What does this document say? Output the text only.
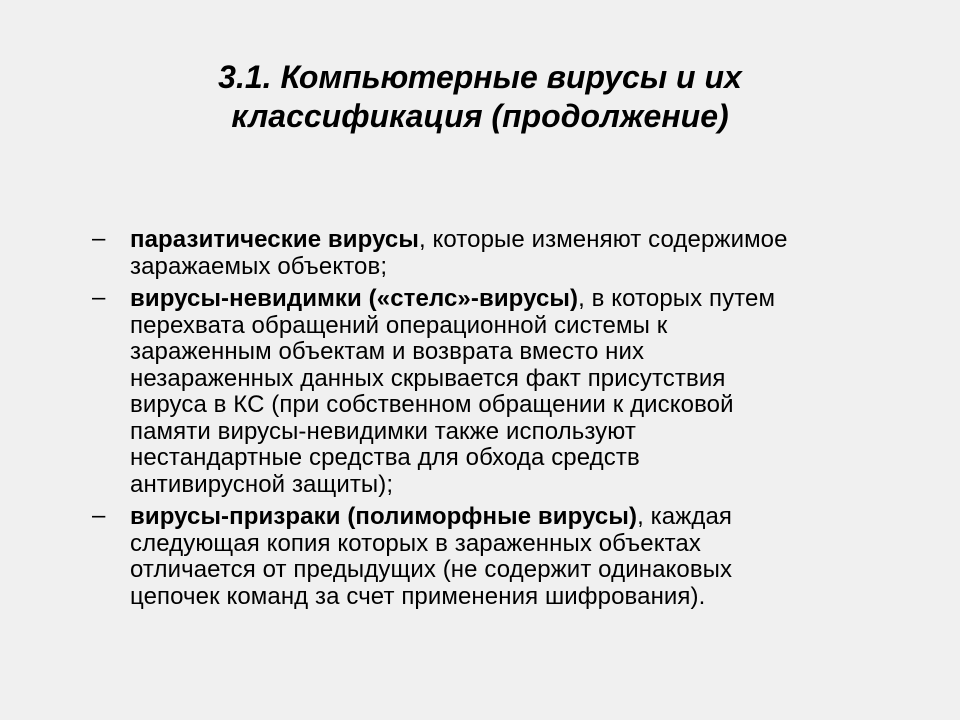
3.1. Компьютерные вирусы и их
классификация (продолжение)
– паразитические вирусы, которые изменяют содержимое
заражаемых объектов;
– вирусы-невидимки («стелс»-вирусы), в которых путем
перехвата обращений операционной системы к
зараженным объектам и возврата вместо них
незараженных данных скрывается факт присутствия
вируса в КС (при собственном обращении к дисковой
памяти вирусы-невидимки также используют
нестандартные средства для обхода средств
антивирусной защиты);
– вирусы-призраки (полиморфные вирусы), каждая
следующая копия которых в зараженных объектах
отличается от предыдущих (не содержит одинаковых
цепочек команд за счет применения шифрования).
